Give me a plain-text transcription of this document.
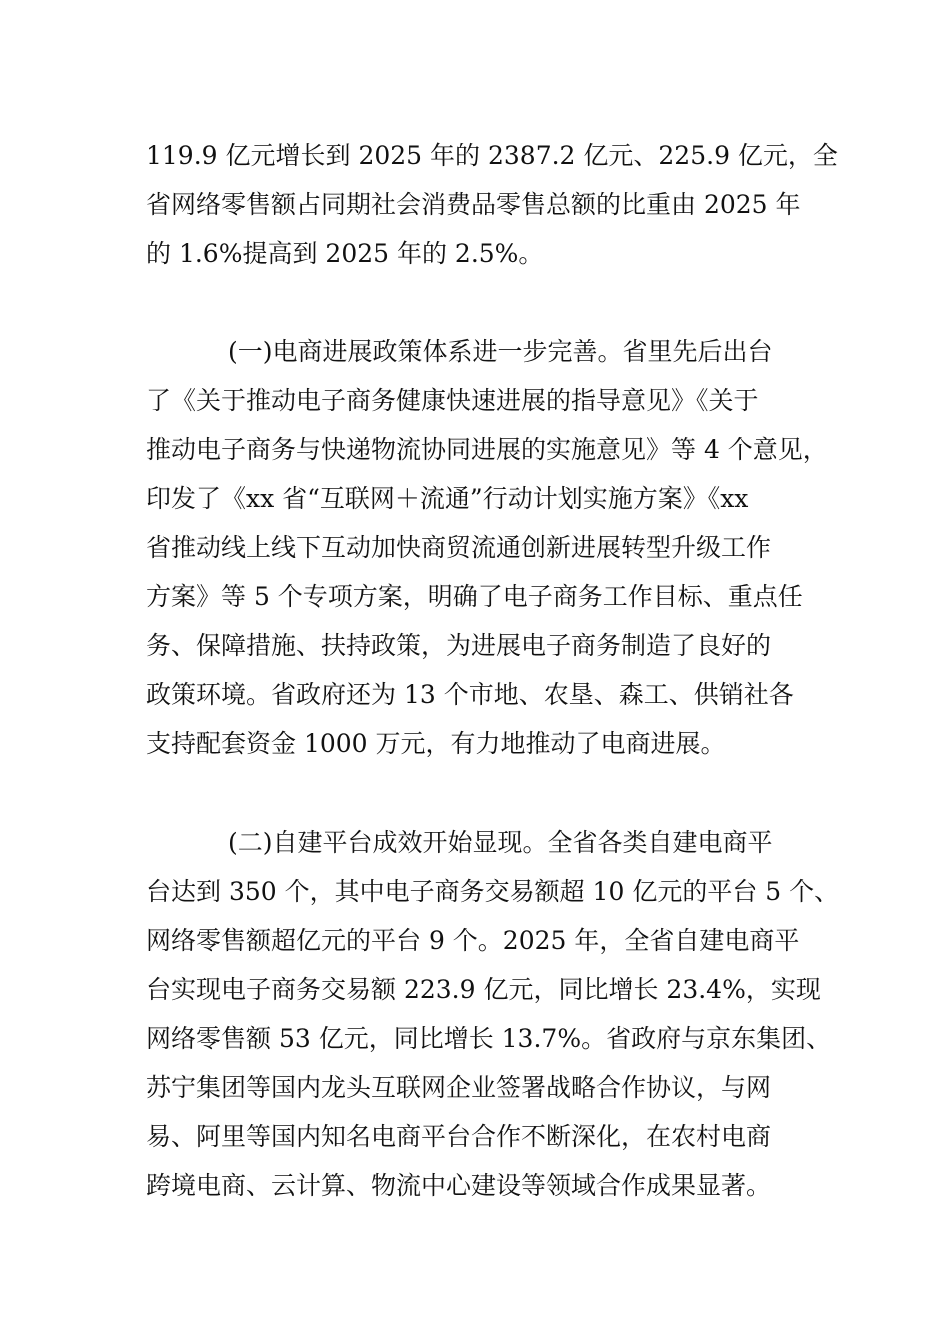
119.9 亿元增长到 2025 年的 2387.2 亿元、225.9 亿元，全
省网络零售额占同期社会消费品零售总额的比重由 2025 年
的 1.6%提高到 2025 年的 2.5%。
(一)电商进展政策体系进一步完善。省里先后出台
了《关于推动电子商务健康快速进展的指导意见》《关于
推动电子商务与快递物流协同进展的实施意见》等 4 个意见，
印发了《xx 省“互联网＋流通”行动计划实施方案》《xx
省推动线上线下互动加快商贸流通创新进展转型升级工作
方案》等 5 个专项方案，明确了电子商务工作目标、重点任
务、保障措施、扶持政策，为进展电子商务制造了良好的
政策环境。省政府还为 13 个市地、农垦、森工、供销社各
支持配套资金 1000 万元，有力地推动了电商进展。
(二)自建平台成效开始显现。全省各类自建电商平
台达到 350 个，其中电子商务交易额超 10 亿元的平台 5 个、
网络零售额超亿元的平台 9 个。2025 年，全省自建电商平
台实现电子商务交易额 223.9 亿元，同比增长 23.4%，实现
网络零售额 53 亿元，同比增长 13.7%。省政府与京东集团、
苏宁集团等国内龙头互联网企业签署战略合作协议，与网
易、阿里等国内知名电商平台合作不断深化，在农村电商
跨境电商、云计算、物流中心建设等领域合作成果显著。
